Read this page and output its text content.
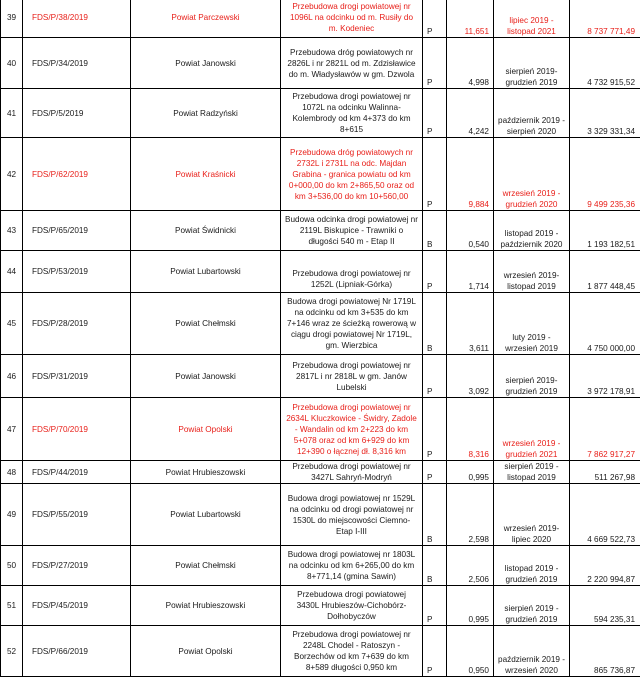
39	FDS/P/38/2019	Powiat Parczewski	Przebudowa drogi powiatowej nr 1096L na odcinku od m. Rusiły do m. Kodeniec	P	11,651	lipiec 2019 - listopad 2021	8 737 771,49
40	FDS/P/34/2019	Powiat Janowski	Przebudowa dróg powiatowych nr 2826L i nr 2821L od m. Zdzisławice do m. Władysławów w gm. Dzwola	P	4,998	sierpień 2019-grudzień 2019	4 732 915,52
41	FDS/P/5/2019	Powiat Radzyński	Przebudowa drogi powiatowej nr 1072L na odcinku Walinna-Kolembrody od km 4+373 do km 8+615	P	4,242	październik 2019 - sierpień 2020	3 329 331,34
42	FDS/P/62/2019	Powiat Kraśnicki	Przebudowa dróg powiatowych nr 2732L i 2731L na odc. Majdan Grabina - granica powiatu od km 0+000,00 do km 2+865,50 oraz od km 3+536,00 do km 10+560,00	P	9,884	wrzesień 2019 - grudzień 2020	9 499 235,36
43	FDS/P/65/2019	Powiat Świdnicki	Budowa odcinka drogi powiatowej nr 2119L Biskupice - Trawniki o długości 540 m - Etap II	B	0,540	listopad 2019 - październik 2020	1 193 182,51
44	FDS/P/53/2019	Powiat Lubartowski	Przebudowa drogi powiatowej nr 1252L (Lipniak-Górka)	P	1,714	wrzesień 2019-listopad 2019	1 877 448,45
45	FDS/P/28/2019	Powiat Chełmski	Budowa drogi powiatowej Nr 1719L na odcinku od km 3+535 do km 7+146 wraz ze ścieżką rowerową w ciągu drogi powiatowej Nr 1719L, gm. Wierzbica	B	3,611	luty 2019 - wrzesień 2019	4 750 000,00
46	FDS/P/31/2019	Powiat Janowski	Przebudowa drogi powiatowej nr 2817L i nr 2818L w gm. Janów Lubelski	P	3,092	sierpień 2019-grudzień 2019	3 972 178,91
47	FDS/P/70/2019	Powiat Opolski	Przebudowa drogi powiatowej nr 2634L Kluczkowice - Świdry, Zadole - Wandalin od km 2+223 do km 5+078 oraz od km 6+929 do km 12+390 o łącznej dł. 8,316 km	P	8,316	wrzesień 2019 - grudzień 2021	7 862 917,27
48	FDS/P/44/2019	Powiat Hrubieszowski	Przebudowa drogi powiatowej nr 3427L Sahryń-Modryń	P	0,995	sierpień 2019 - listopad 2019	511 267,98
49	FDS/P/55/2019	Powiat Lubartowski	Budowa drogi powiatowej nr 1529L na odcinku od drogi powiatowej nr 1530L do miejscowości Ciemno-Etap I-III	B	2,598	wrzesień 2019-lipiec 2020	4 669 522,73
50	FDS/P/27/2019	Powiat Chełmski	Budowa drogi powiatowej nr 1803L na odcinku od km 6+265,00 do km 8+771,14 (gmina Sawin)	B	2,506	listopad 2019 - grudzień 2019	2 220 994,87
51	FDS/P/45/2019	Powiat Hrubieszowski	Przebudowa drogi powiatowej 3430L Hrubieszów-Cichobórz-Dołhobyczów	P	0,995	sierpień 2019 - grudzień 2019	594 235,31
52	FDS/P/66/2019	Powiat Opolski	Przebudowa drogi powiatowej nr 2248L Chodel - Ratoszyn - Borzechów od km 7+639 do km 8+589 długości 0,950 km	P	0,950	październik 2019 - wrzesień 2020	865 736,87
